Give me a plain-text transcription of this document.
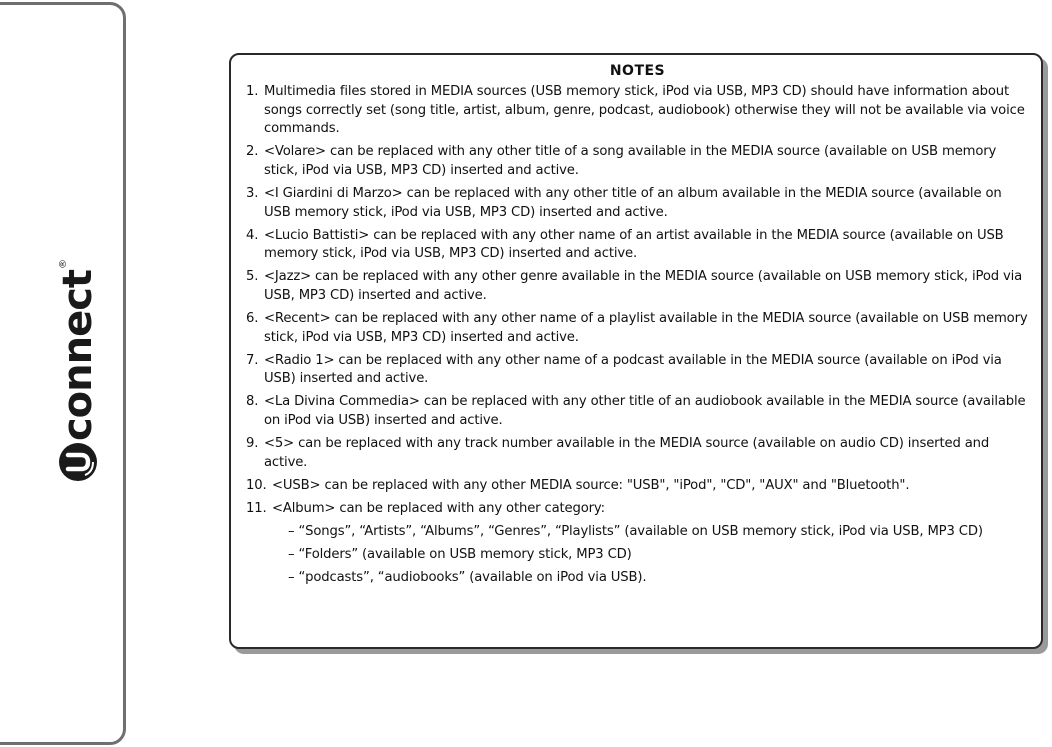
connect
®
NOTES
1. Multimedia files stored in MEDIA sources (USB memory stick, iPod via USB, MP3 CD) should have information about songs correctly set (song title, artist, album, genre, podcast, audiobook) otherwise they will not be available via voice commands.
2. <Volare> can be replaced with any other title of a song available in the MEDIA source (available on USB memory stick, iPod via USB, MP3 CD) inserted and active.
3. <I Giardini di Marzo> can be replaced with any other title of an album available in the MEDIA source (available on USB memory stick, iPod via USB, MP3 CD) inserted and active.
4. <Lucio Battisti> can be replaced with any other name of an artist available in the MEDIA source (available on USB memory stick, iPod via USB, MP3 CD) inserted and active.
5. <Jazz> can be replaced with any other genre available in the MEDIA source (available on USB memory stick, iPod via USB, MP3 CD) inserted and active.
6. <Recent> can be replaced with any other name of a playlist available in the MEDIA source (available on USB memory stick, iPod via USB, MP3 CD) inserted and active.
7. <Radio 1> can be replaced with any other name of a podcast available in the MEDIA source (available on iPod via USB) inserted and active.
8. <La Divina Commedia> can be replaced with any other title of an audiobook available in the MEDIA source (available on iPod via USB) inserted and active.
9. <5> can be replaced with any track number available in the MEDIA source (available on audio CD) inserted and active.
10. <USB> can be replaced with any other MEDIA source: "USB", "iPod", "CD", "AUX" and "Bluetooth".
11. <Album> can be replaced with any other category:
– “Songs”, “Artists”, “Albums”, “Genres”, “Playlists” (available on USB memory stick, iPod via USB, MP3 CD)
– “Folders” (available on USB memory stick, MP3 CD)
– “podcasts”, “audiobooks” (available on iPod via USB).
